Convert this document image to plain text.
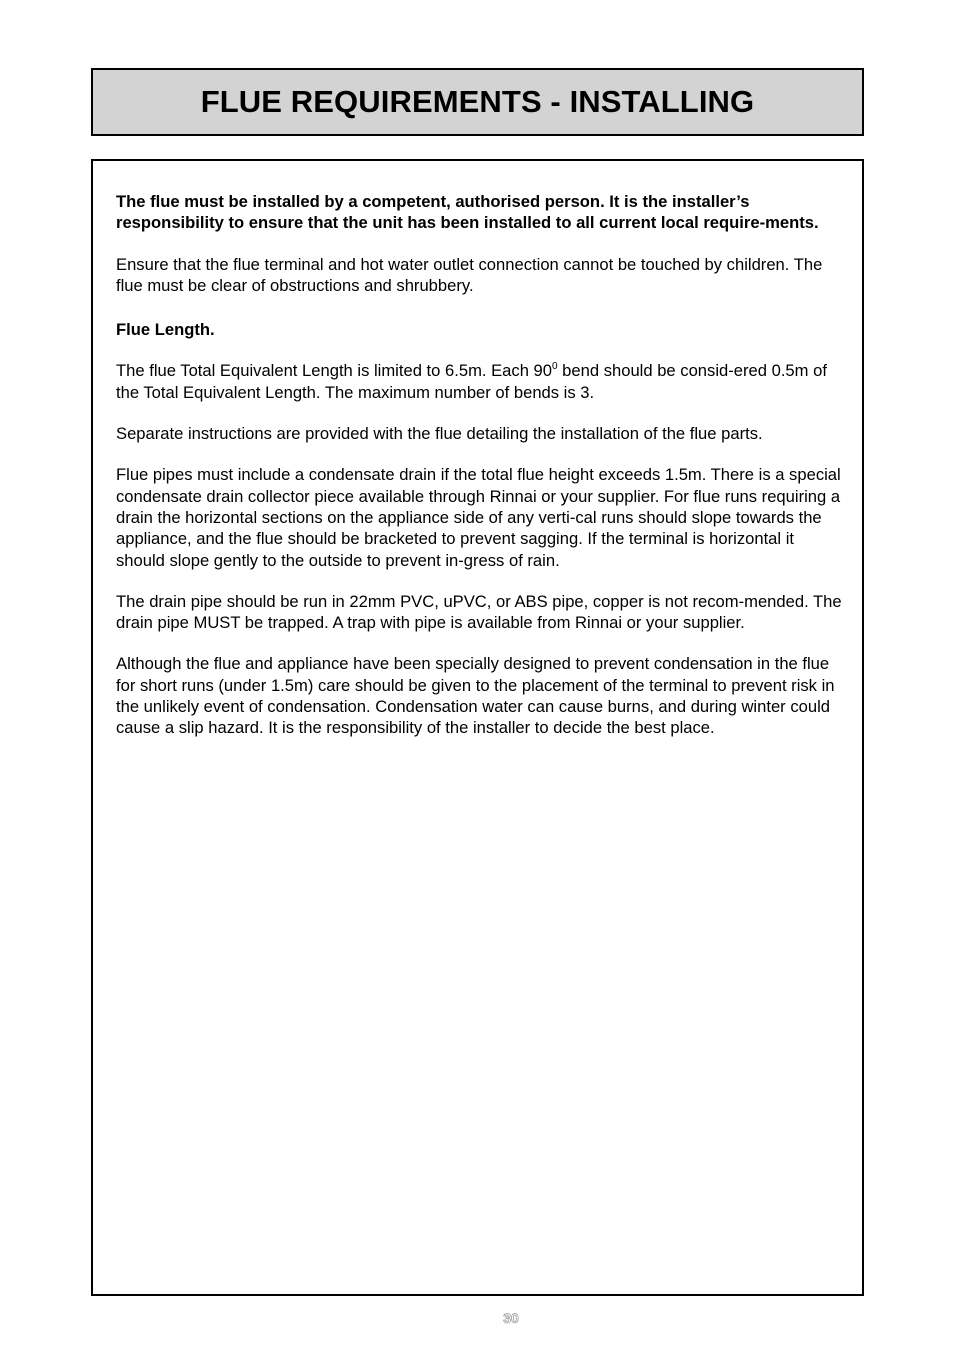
FLUE REQUIREMENTS - INSTALLING

The flue must be installed by a competent, authorised person. It is the installer’s responsibility to ensure that the unit has been installed to all current local require-ments.

Ensure that the flue terminal and hot water outlet connection cannot be touched by children. The flue must be clear of obstructions and shrubbery.

Flue Length.

The flue Total Equivalent Length is limited to 6.5m. Each $90^0$ bend should be consid-ered 0.5m of the Total Equivalent Length. The maximum number of bends is 3.

Separate instructions are provided with the flue detailing the installation of the flue parts.

Flue pipes must include a condensate drain if the total flue height exceeds 1.5m. There is a special condensate drain collector piece available through Rinnai or your supplier. For flue runs requiring a drain the horizontal sections on the appliance side of any verti-cal runs should slope towards the appliance, and the flue should be bracketed to prevent sagging. If the terminal is horizontal it should slope gently to the outside to prevent in-gress of rain.

The drain pipe should be run in 22mm PVC, uPVC, or ABS pipe, copper is not recom-mended. The drain pipe MUST be trapped. A trap with pipe is available from Rinnai or your supplier.

Although the flue and appliance have been specially designed to prevent condensation in the flue for short runs (under 1.5m) care should be given to the placement of the terminal to prevent risk in the unlikely event of condensation. Condensation water can cause burns, and during winter could cause a slip hazard. It is the responsibility of the installer to decide the best place.

30
